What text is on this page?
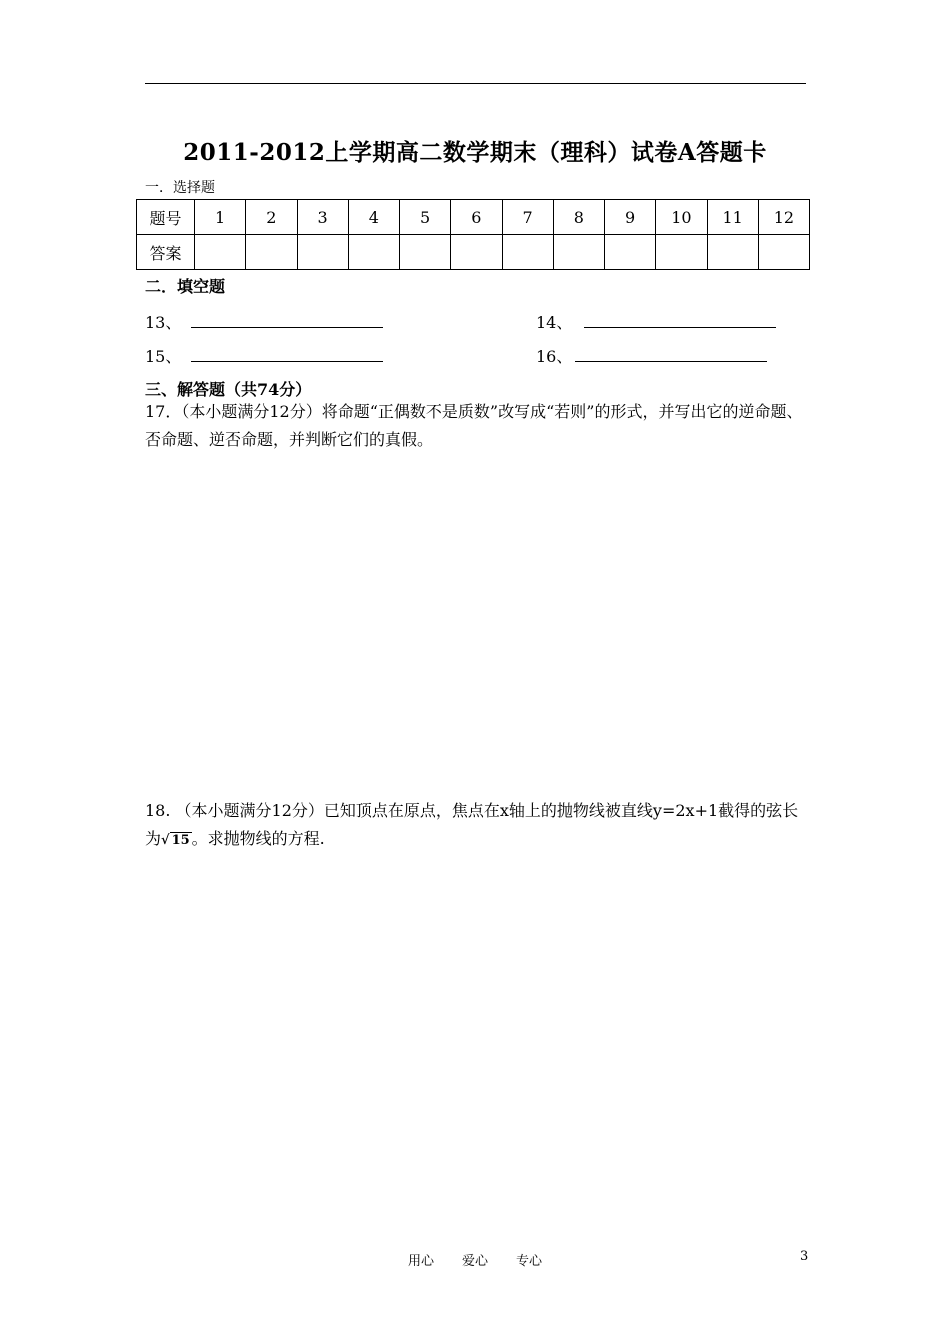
2011-2012上学期高二数学期末（理科）试卷A答题卡
一．选择题
题号	1	2	3	4	5	6	7	8	9	10	11	12
答案												
二．填空题
13、	14、
15、	16、
三、解答题（共74分）
17．（本小题满分12分）将命题“正偶数不是质数”改写成“若则”的形式，并写出它的逆命题、否命题、逆否命题，并判断它们的真假。
18. （本小题满分12分）已知顶点在原点，焦点在x轴上的抛物线被直线y=2x+1截得的弦长为√ 15 。求抛物线的方程.
用心 爱心 专心	3
